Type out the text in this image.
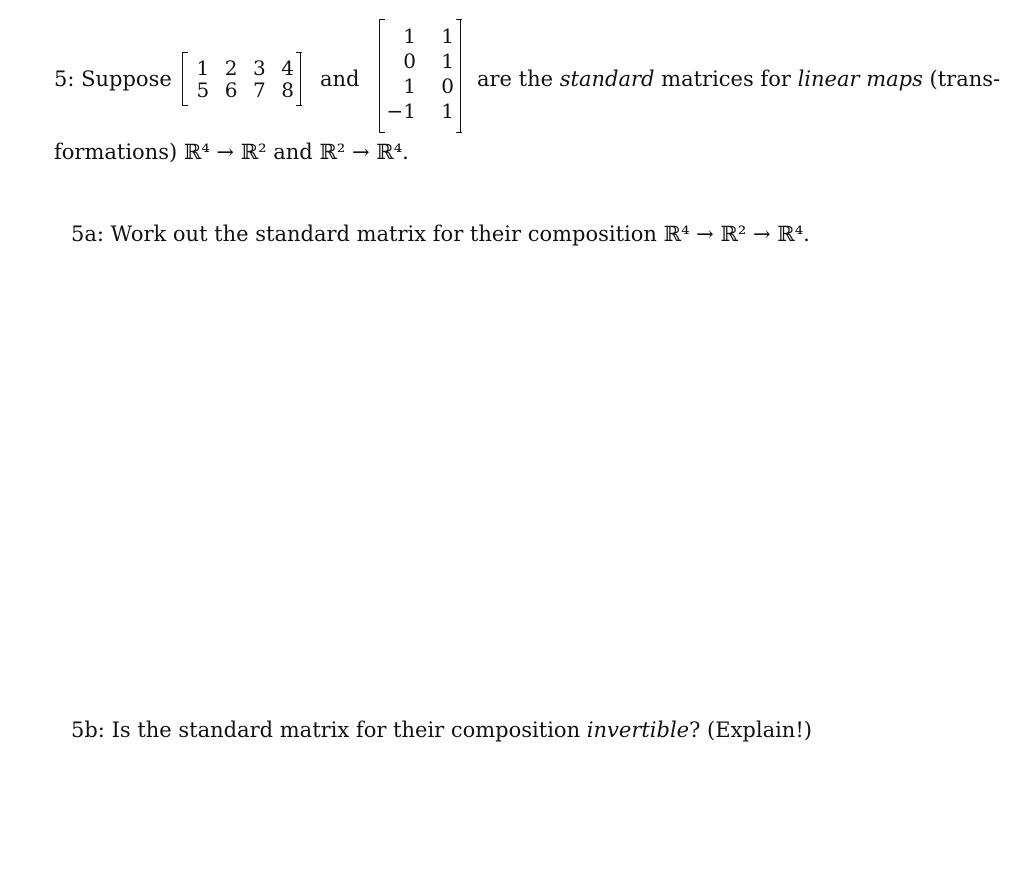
5: Suppose	1 2 3 4
5 6 7 8 and
1	1
0	1
1	0
−1	1
are the standard matrices for linear maps (trans-
formations) ℝ⁴ → ℝ² and ℝ² → ℝ⁴.
5a: Work out the standard matrix for their composition ℝ⁴ → ℝ² → ℝ⁴.
5b: Is the standard matrix for their composition invertible? (Explain!)
